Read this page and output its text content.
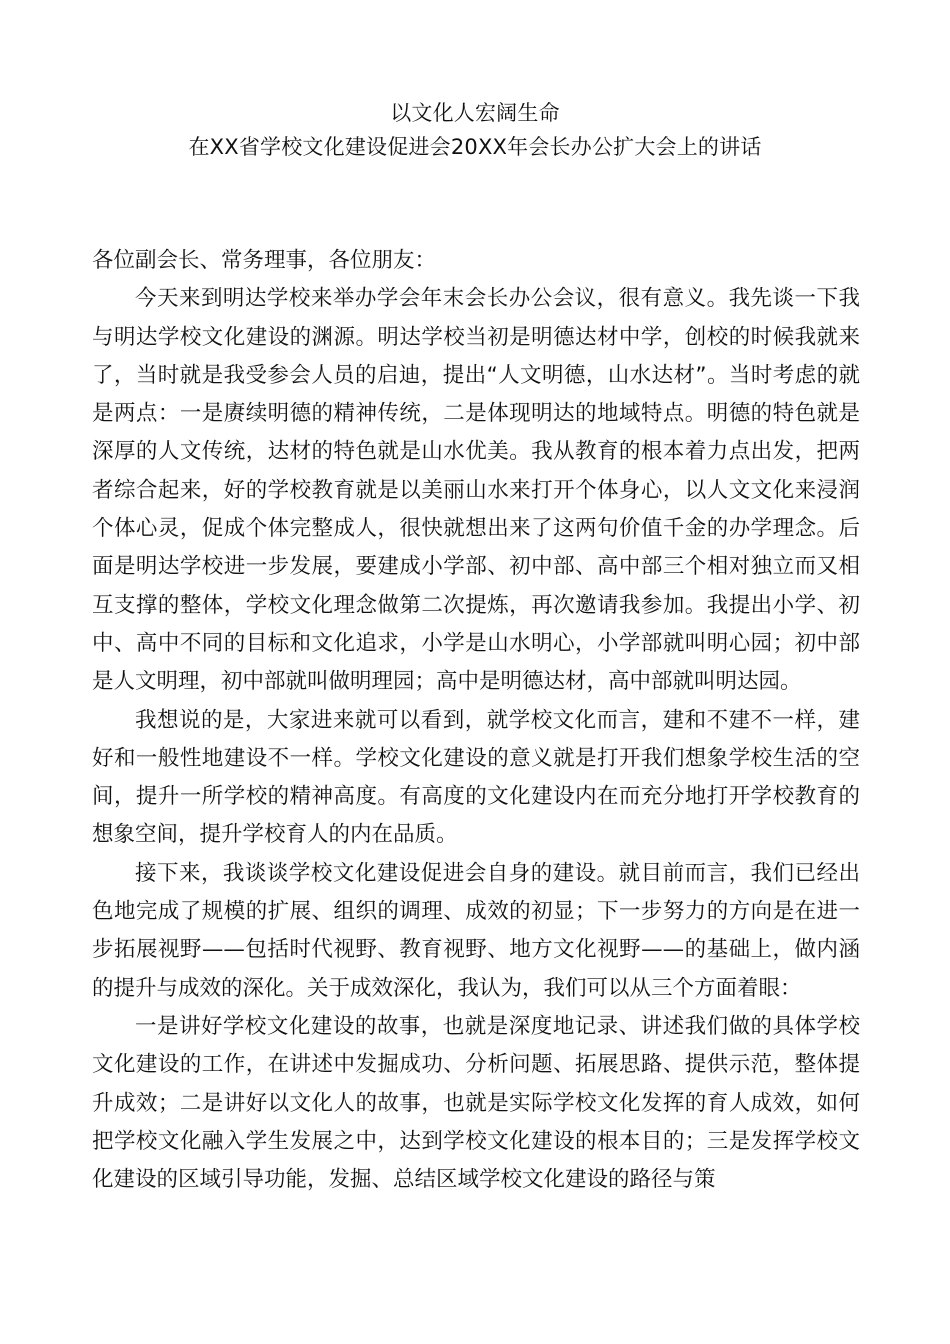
以文化人宏阔生命
在XX省学校文化建设促进会20XX年会长办公扩大会上的讲话

各位副会长、常务理事，各位朋友：

今天来到明达学校来举办学会年末会长办公会议，很有意义。我先谈一下我与明达学校文化建设的渊源。明达学校当初是明德达材中学，创校的时候我就来了，当时就是我受参会人员的启迪，提出“人文明德，山水达材”。当时考虑的就是两点：一是赓续明德的精神传统，二是体现明达的地域特点。明德的特色就是深厚的人文传统，达材的特色就是山水优美。我从教育的根本着力点出发，把两者综合起来，好的学校教育就是以美丽山水来打开个体身心，以人文文化来浸润个体心灵，促成个体完整成人，很快就想出来了这两句价值千金的办学理念。后面是明达学校进一步发展，要建成小学部、初中部、高中部三个相对独立而又相互支撑的整体，学校文化理念做第二次提炼，再次邀请我参加。我提出小学、初中、高中不同的目标和文化追求，小学是山水明心，小学部就叫明心园；初中部是人文明理，初中部就叫做明理园；高中是明德达材，高中部就叫明达园。

我想说的是，大家进来就可以看到，就学校文化而言，建和不建不一样，建好和一般性地建设不一样。学校文化建设的意义就是打开我们想象学校生活的空间，提升一所学校的精神高度。有高度的文化建设内在而充分地打开学校教育的想象空间，提升学校育人的内在品质。

接下来，我谈谈学校文化建设促进会自身的建设。就目前而言，我们已经出色地完成了规模的扩展、组织的调理、成效的初显；下一步努力的方向是在进一步拓展视野——包括时代视野、教育视野、地方文化视野——的基础上，做内涵的提升与成效的深化。关于成效深化，我认为，我们可以从三个方面着眼：

一是讲好学校文化建设的故事，也就是深度地记录、讲述我们做的具体学校文化建设的工作，在讲述中发掘成功、分析问题、拓展思路、提供示范，整体提升成效；二是讲好以文化人的故事，也就是实际学校文化发挥的育人成效，如何把学校文化融入学生发展之中，达到学校文化建设的根本目的；三是发挥学校文化建设的区域引导功能，发掘、总结区域学校文化建设的路径与策
